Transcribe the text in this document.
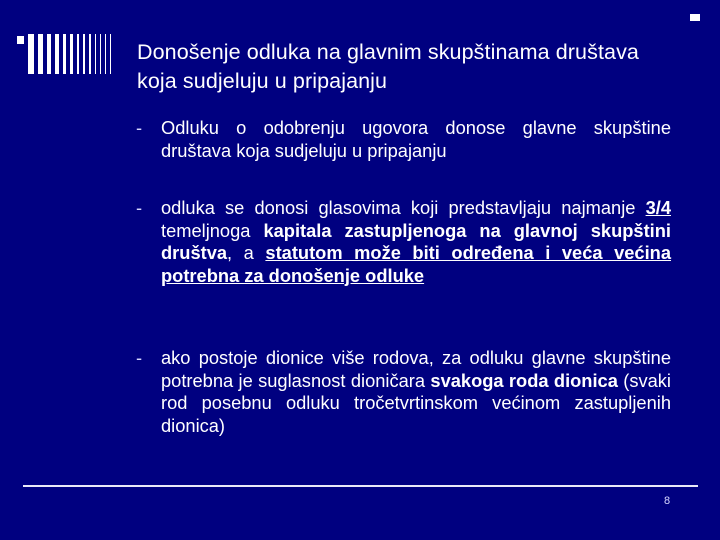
Donošenje odluka na glavnim skupštinama društava koja sudjeluju u pripajanju
-	Odluku o odobrenju ugovora donose glavne skupštine društava koja sudjeluju u pripajanju
-	odluka se donosi glasovima koji predstavljaju najmanje 3/4 temeljnoga kapitala zastupljenoga na glavnoj skupštini društva, a statutom može biti određena i veća većina potrebna za donošenje odluke
-	ako postoje dionice više rodova, za odluku glavne skupštine potrebna je suglasnost dioničara svakoga roda dionica (svaki rod posebnu odluku tročetvrtinskom većinom zastupljenih dionica)
8
